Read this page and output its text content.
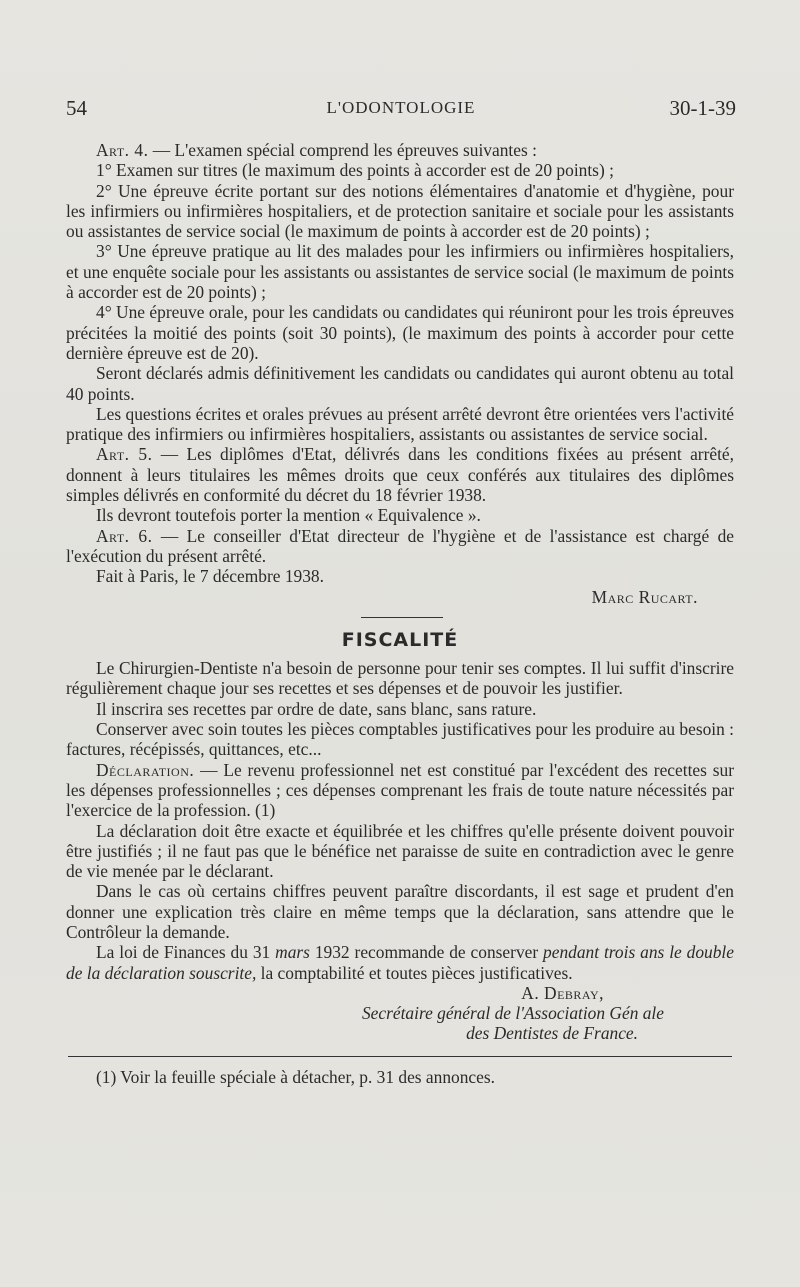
54	L'ODONTOLOGIE	30-1-39

Art. 4. — L'examen spécial comprend les épreuves suivantes :

1° Examen sur titres (le maximum des points à accorder est de 20 points) ;

2° Une épreuve écrite portant sur des notions élémentaires d'anatomie et d'hygiène, pour les infirmiers ou infirmières hospitaliers, et de protection sanitaire et sociale pour les assistants ou assistantes de service social (le maximum de points à accorder est de 20 points) ;

3° Une épreuve pratique au lit des malades pour les infirmiers ou infirmières hospitaliers, et une enquête sociale pour les assistants ou assistantes de service social (le maximum de points à accorder est de 20 points) ;

4° Une épreuve orale, pour les candidats ou candidates qui réuniront pour les trois épreuves précitées la moitié des points (soit 30 points), (le maximum des points à accorder pour cette dernière épreuve est de 20).

Seront déclarés admis définitivement les candidats ou candidates qui auront obtenu au total 40 points.

Les questions écrites et orales prévues au présent arrêté devront être orientées vers l'activité pratique des infirmiers ou infirmières hospitaliers, assistants ou assistantes de service social.

Art. 5. — Les diplômes d'Etat, délivrés dans les conditions fixées au présent arrêté, donnent à leurs titulaires les mêmes droits que ceux conférés aux titulaires des diplômes simples délivrés en conformité du décret du 18 février 1938.

Ils devront toutefois porter la mention « Equivalence ».

Art. 6. — Le conseiller d'Etat directeur de l'hygiène et de l'assistance est chargé de l'exécution du présent arrêté.

Fait à Paris, le 7 décembre 1938.

Marc Rucart.

FISCALITÉ

Le Chirurgien-Dentiste n'a besoin de personne pour tenir ses comptes. Il lui suffit d'inscrire régulièrement chaque jour ses recettes et ses dépenses et de pouvoir les justifier.

Il inscrira ses recettes par ordre de date, sans blanc, sans rature.

Conserver avec soin toutes les pièces comptables justificatives pour les produire au besoin : factures, récépissés, quittances, etc...

Déclaration. — Le revenu professionnel net est constitué par l'excédent des recettes sur les dépenses professionnelles ; ces dépenses comprenant les frais de toute nature nécessités par l'exercice de la profession. (1)

La déclaration doit être exacte et équilibrée et les chiffres qu'elle présente doivent pouvoir être justifiés ; il ne faut pas que le bénéfice net paraisse de suite en contradiction avec le genre de vie menée par le déclarant.

Dans le cas où certains chiffres peuvent paraître discordants, il est sage et prudent d'en donner une explication très claire en même temps que la déclaration, sans attendre que le Contrôleur la demande.

La loi de Finances du 31 mars 1932 recommande de conserver pendant trois ans le double de la déclaration souscrite, la comptabilité et toutes pièces justificatives.

A. Debray,
Secrétaire général de l'Association Gén ale
des Dentistes de France.

(1) Voir la feuille spéciale à détacher, p. 31 des annonces.
